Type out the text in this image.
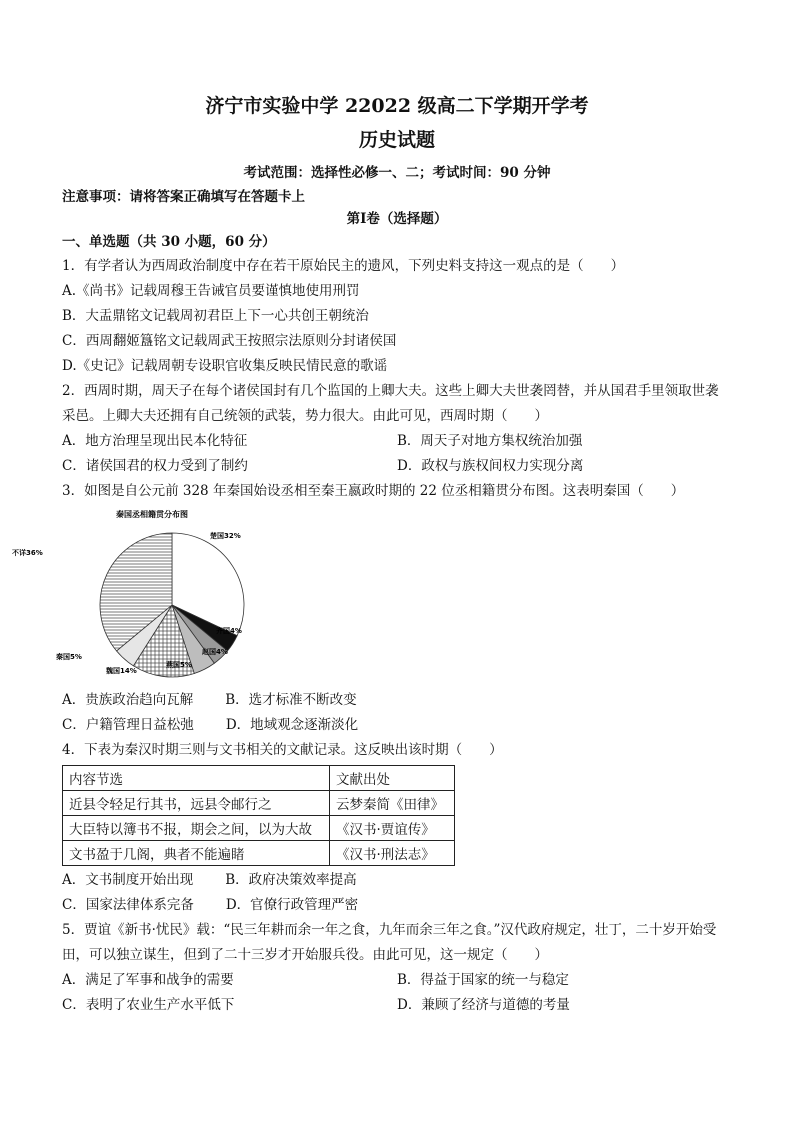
济宁市实验中学 22022 级高二下学期开学考

历史试题

考试范围：选择性必修一、二；考试时间：90 分钟

注意事项：请将答案正确填写在答题卡上

第Ⅰ卷（选择题）

一、单选题（共 30 小题，60 分）

1．有学者认为西周政治制度中存在若干原始民主的遗风，下列史料支持这一观点的是（　　）

A.《尚书》记载周穆王告诫官员要谨慎地使用刑罚

B．大盂鼎铭文记载周初君臣上下一心共创王朝统治

C．西周翻姬簋铭文记载周武王按照宗法原则分封诸侯国

D.《史记》记载周朝专设职官收集反映民情民意的歌谣

2．西周时期，周天子在每个诸侯国封有几个监国的上卿大夫。这些上卿大夫世袭罔替，并从国君手里领取世袭采邑。上卿大夫还拥有自己统领的武装，势力很大。由此可见，西周时期（　　）

A．地方治理呈现出民本化特征	B．周天子对地方集权统治加强
C．诸侯国君的权力受到了制约	D．政权与族权间权力实现分离

3．如图是自公元前 328 年秦国始设丞相至秦王嬴政时期的 22 位丞相籍贯分布图。这表明秦国（　　）

秦国丞相籍贯分布图
楚国32%
齐国4%
赵国4%
燕国5%
魏国14%
秦国5%
不详36%
A．贵族政治趋向瓦解 B．选才标准不断改变
C．户籍管理日益松弛 D．地域观念逐渐淡化

4．下表为秦汉时期三则与文书相关的文献记录。这反映出该时期（　　）

内容节选	文献出处
近县令轻足行其书，远县令邮行之	云梦秦简《田律》
大臣特以簿书不报，期会之间，以为大故	《汉书·贾谊传》
文书盈于几阁，典者不能遍睹	《汉书·刑法志》
A．文书制度开始出现 B．政府决策效率提高
C．国家法律体系完备 D．官僚行政管理严密

5．贾谊《新书·忧民》载：“民三年耕而余一年之食，九年而余三年之食。”汉代政府规定，壮丁，二十岁开始受田，可以独立谋生，但到了二十三岁才开始服兵役。由此可见，这一规定（　　）

A．满足了军事和战争的需要	B．得益于国家的统一与稳定
C．表明了农业生产水平低下	D．兼顾了经济与道德的考量
